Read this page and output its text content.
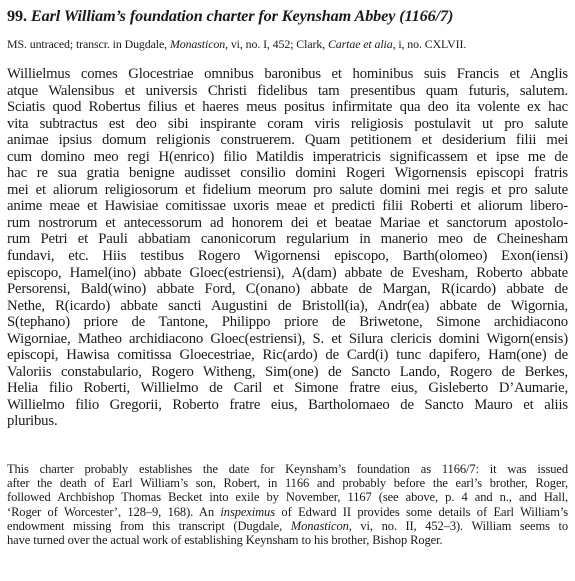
99. Earl William’s foundation charter for Keynsham Abbey (1166/7)

MS. untraced; transcr. in Dugdale, Monasticon, vi, no. I, 452; Clark, Cartae et alia, i, no. CXLVII.

Willielmus comes Glocestriae omnibus baronibus et hominibus suis Francis et Anglis
atque Walensibus et universis Christi fidelibus tam presentibus quam futuris, salutem.
Sciatis quod Robertus filius et haeres meus positus infirmitate qua deo ita volente ex hac
vita subtractus est deo sibi inspirante coram viris religiosis postulavit ut pro salute
animae ipsius domum religionis construerem. Quam petitionem et desiderium filii mei
cum domino meo regi H(enrico) filio Matildis imperatricis significassem et ipse me de
hac re sua gratia benigne audisset consilio domini Rogeri Wigornensis episcopi fratris
mei et aliorum religiosorum et fidelium meorum pro salute domini mei regis et pro salute
anime meae et Hawisiae comitissae uxoris meae et predicti filii Roberti et aliorum libero-
rum nostrorum et antecessorum ad honorem dei et beatae Mariae et sanctorum apostolo-
rum Petri et Pauli abbatiam canonicorum regularium in manerio meo de Cheinesham
fundavi, etc. Hiis testibus Rogero Wigornensi episcopo, Barth(olomeo) Exon(iensi)
episcopo, Hamel(ino) abbate Gloec(estriensi), A(dam) abbate de Evesham, Roberto abbate
Persorensi, Bald(wino) abbate Ford, C(onano) abbate de Margan, R(icardo) abbate de
Nethe, R(icardo) abbate sancti Augustini de Bristoll(ia), Andr(ea) abbate de Wigornia,
S(tephano) priore de Tantone, Philippo priore de Briwetone, Simone archidiacono
Wigorniae, Matheo archidiacono Gloec(estriensi), S. et Silura clericis domini Wigorn(ensis)
episcopi, Hawisa comitissa Gloecestriae, Ric(ardo) de Card(i) tunc dapifero, Ham(one) de
Valoriis constabulario, Rogero Witheng, Sim(one) de Sancto Lando, Rogero de Berkes,
Helia filio Roberti, Willielmo de Caril et Simone fratre eius, Gisleberto D’Aumarie,
Willielmo filio Gregorii, Roberto fratre eius, Bartholomaeo de Sancto Mauro et aliis
pluribus.
This charter probably establishes the date for Keynsham’s foundation as 1166/7: it was issued
after the death of Earl William’s son, Robert, in 1166 and probably before the earl’s brother, Roger,
followed Archbishop Thomas Becket into exile by November, 1167 (see above, p. 4 and n., and Hall,
‘Roger of Worcester’, 128–9, 168). An inspeximus of Edward II provides some details of Earl William’s
endowment missing from this transcript (Dugdale, Monasticon, vi, no. II, 452–3). William seems to
have turned over the actual work of establishing Keynsham to his brother, Bishop Roger.
